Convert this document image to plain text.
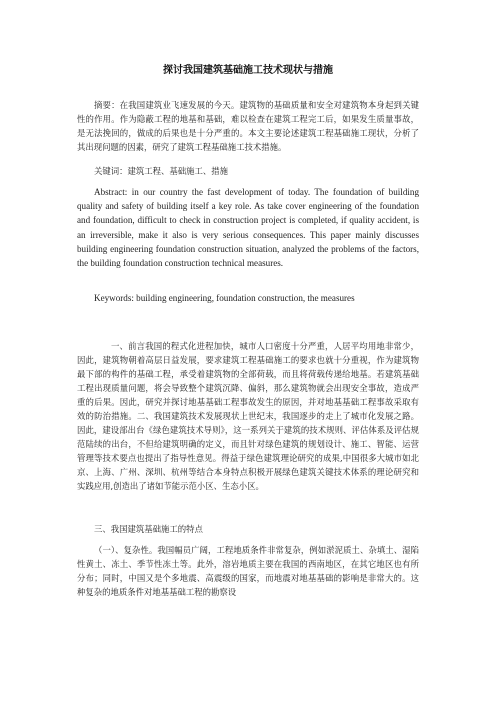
探讨我国建筑基础施工技术现状与措施

摘要：在我国建筑业飞速发展的今天。建筑物的基础质量和安全对建筑物本身起到关键性的作用。作为隐蔽工程的地基和基础，难以检查在建筑工程完工后，如果发生质量事故，是无法挽回的，做成的后果也是十分严重的。本文主要论述建筑工程基础施工现状，分析了其出现问题的因素，研究了建筑工程基础施工技术措施。

关键词：建筑工程、基础施工、措施

Abstract: in our country the fast development of today. The foundation of building quality and safety of building itself a key role. As take cover engineering of the foundation and foundation, difficult to check in construction project is completed, if quality accident, is an irreversible, make it also is very serious consequences. This paper mainly discusses building engineering foundation construction situation, analyzed the problems of the factors, the building foundation construction technical measures.

Keywords: building engineering, foundation construction, the measures

一、前言我国的程式化进程加快，城市人口密度十分严重，人居平均用地非常少，因此，建筑物朝着高层日益发展，要求建筑工程基础施工的要求也就十分重视，作为建筑物最下部的构件的基础工程，承受着建筑物的全部荷载，而且将荷载传递给地基。若建筑基础工程出现质量问题，将会导致整个建筑沉降、偏斜，那么建筑物就会出现安全事故，造成严重的后果。因此，研究并探讨地基基础工程事故发生的原因，并对地基基础工程事故采取有效的防治措施。二、我国建筑技术发展现状上世纪末，我国逐步的走上了城市化发展之路。因此，建设部出台《绿色建筑技术导则》，这一系列关于建筑的技术规则、评估体系及评估规范陆续的出台，不但给建筑明确的定义，而且针对绿色建筑的规划设计、施工、智能、运营管理等技术要点也提出了指导性意见。得益于绿色建筑理论研究的成果,中国很多大城市如北京、上海、广州、深圳、杭州等结合本身特点积极开展绿色建筑关键技术体系的理论研究和实践应用,创造出了诸如节能示范小区、生态小区。

三、我国建筑基础施工的特点

（一）、复杂性。我国幅员广阔，工程地质条件非常复杂，例如淤泥质土、杂填土、湿陷性黄土、冻土、季节性冻土等。此外，溶岩地质主要在我国的西南地区，在其它地区也有所分布；同时，中国又是个多地震、高震级的国家，而地震对地基基础的影响是非常大的。这种复杂的地质条件对地基基础工程的勘察设
